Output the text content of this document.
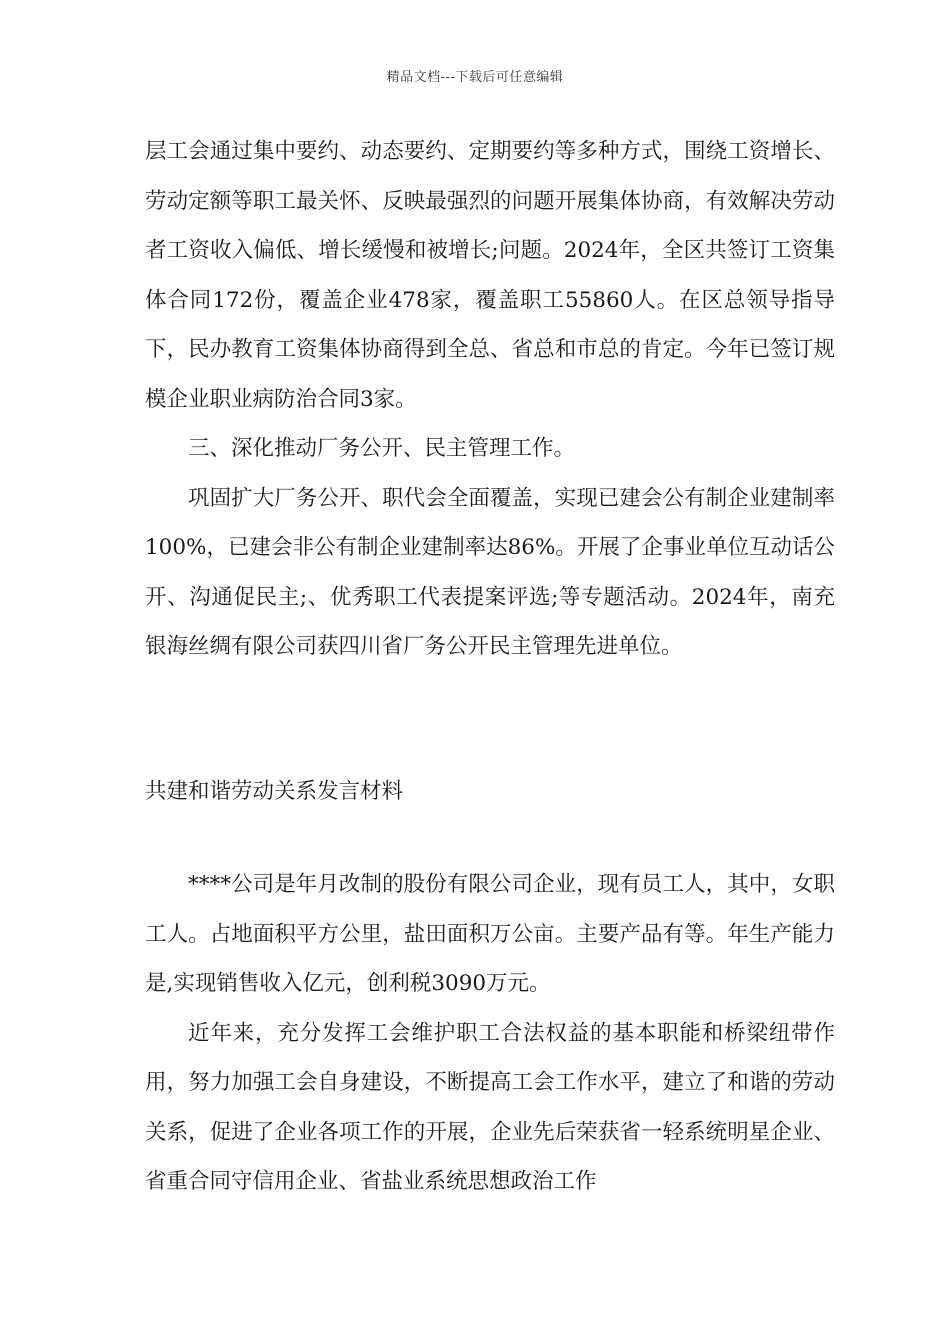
精品文档---下载后可任意编辑

层工会通过集中要约、动态要约、定期要约等多种方式，围绕工资增长、劳动定额等职工最关怀、反映最强烈的问题开展集体协商，有效解决劳动者工资收入偏低、增长缓慢和被增长;问题。2024年，全区共签订工资集体合同172份，覆盖企业478家，覆盖职工55860人。在区总领导指导下，民办教育工资集体协商得到全总、省总和市总的肯定。今年已签订规模企业职业病防治合同3家。

三、深化推动厂务公开、民主管理工作。

巩固扩大厂务公开、职代会全面覆盖，实现已建会公有制企业建制率100%，已建会非公有制企业建制率达86%。开展了企事业单位互动话公开、沟通促民主;、优秀职工代表提案评选;等专题活动。2024年，南充银海丝绸有限公司获四川省厂务公开民主管理先进单位。

共建和谐劳动关系发言材料

****公司是年月改制的股份有限公司企业，现有员工人，其中，女职工人。占地面积平方公里，盐田面积万公亩。主要产品有等。年生产能力是,实现销售收入亿元，创利税3090万元。

近年来，充分发挥工会维护职工合法权益的基本职能和桥梁纽带作用，努力加强工会自身建设，不断提高工会工作水平，建立了和谐的劳动关系，促进了企业各项工作的开展，企业先后荣获省一轻系统明星企业、省重合同守信用企业、省盐业系统思想政治工作
